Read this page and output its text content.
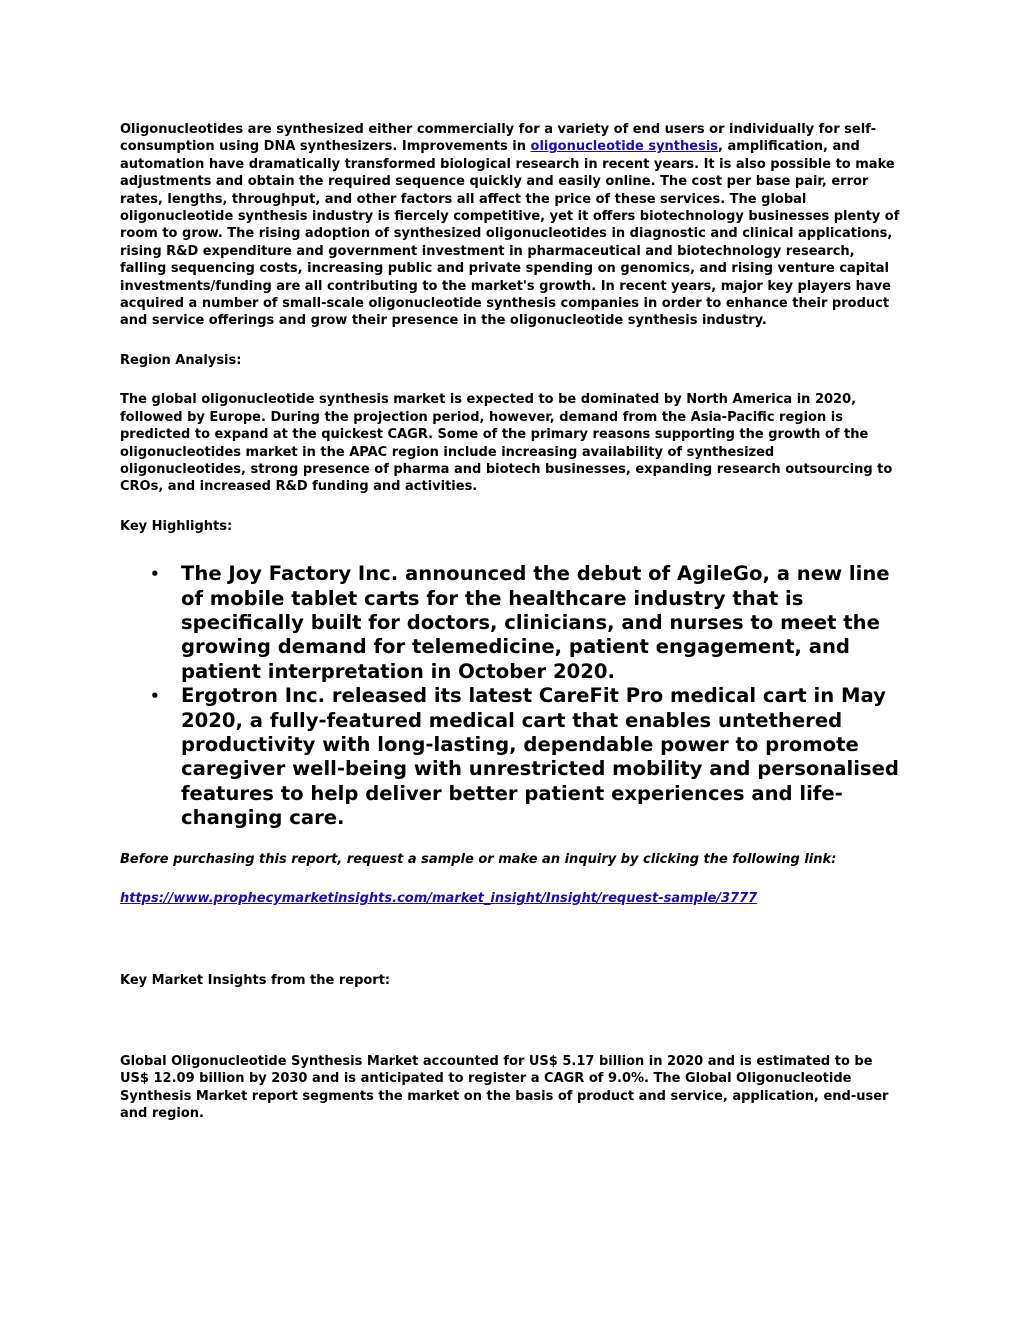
Oligonucleotides are synthesized either commercially for a variety of end users or individually for self-consumption using DNA synthesizers. Improvements in oligonucleotide synthesis, amplification, and automation have dramatically transformed biological research in recent years. It is also possible to make adjustments and obtain the required sequence quickly and easily online. The cost per base pair, error rates, lengths, throughput, and other factors all affect the price of these services. The global oligonucleotide synthesis industry is fiercely competitive, yet it offers biotechnology businesses plenty of room to grow. The rising adoption of synthesized oligonucleotides in diagnostic and clinical applications, rising R&D expenditure and government investment in pharmaceutical and biotechnology research, falling sequencing costs, increasing public and private spending on genomics, and rising venture capital investments/funding are all contributing to the market's growth. In recent years, major key players have acquired a number of small-scale oligonucleotide synthesis companies in order to enhance their product and service offerings and grow their presence in the oligonucleotide synthesis industry.

Region Analysis:

The global oligonucleotide synthesis market is expected to be dominated by North America in 2020, followed by Europe. During the projection period, however, demand from the Asia-Pacific region is predicted to expand at the quickest CAGR. Some of the primary reasons supporting the growth of the oligonucleotides market in the APAC region include increasing availability of synthesized oligonucleotides, strong presence of pharma and biotech businesses, expanding research outsourcing to CROs, and increased R&D funding and activities.

Key Highlights:

• The Joy Factory Inc. announced the debut of AgileGo, a new line of mobile tablet carts for the healthcare industry that is specifically built for doctors, clinicians, and nurses to meet the growing demand for telemedicine, patient engagement, and patient interpretation in October 2020.
• Ergotron Inc. released its latest CareFit Pro medical cart in May 2020, a fully-featured medical cart that enables untethered productivity with long-lasting, dependable power to promote caregiver well-being with unrestricted mobility and personalised features to help deliver better patient experiences and life-changing care.

Before purchasing this report, request a sample or make an inquiry by clicking the following link:

https://www.prophecymarketinsights.com/market_insight/Insight/request-sample/3777

Key Market Insights from the report:

Global Oligonucleotide Synthesis Market accounted for US$ 5.17 billion in 2020 and is estimated to be US$ 12.09 billion by 2030 and is anticipated to register a CAGR of 9.0%. The Global Oligonucleotide Synthesis Market report segments the market on the basis of product and service, application, end-user and region.
